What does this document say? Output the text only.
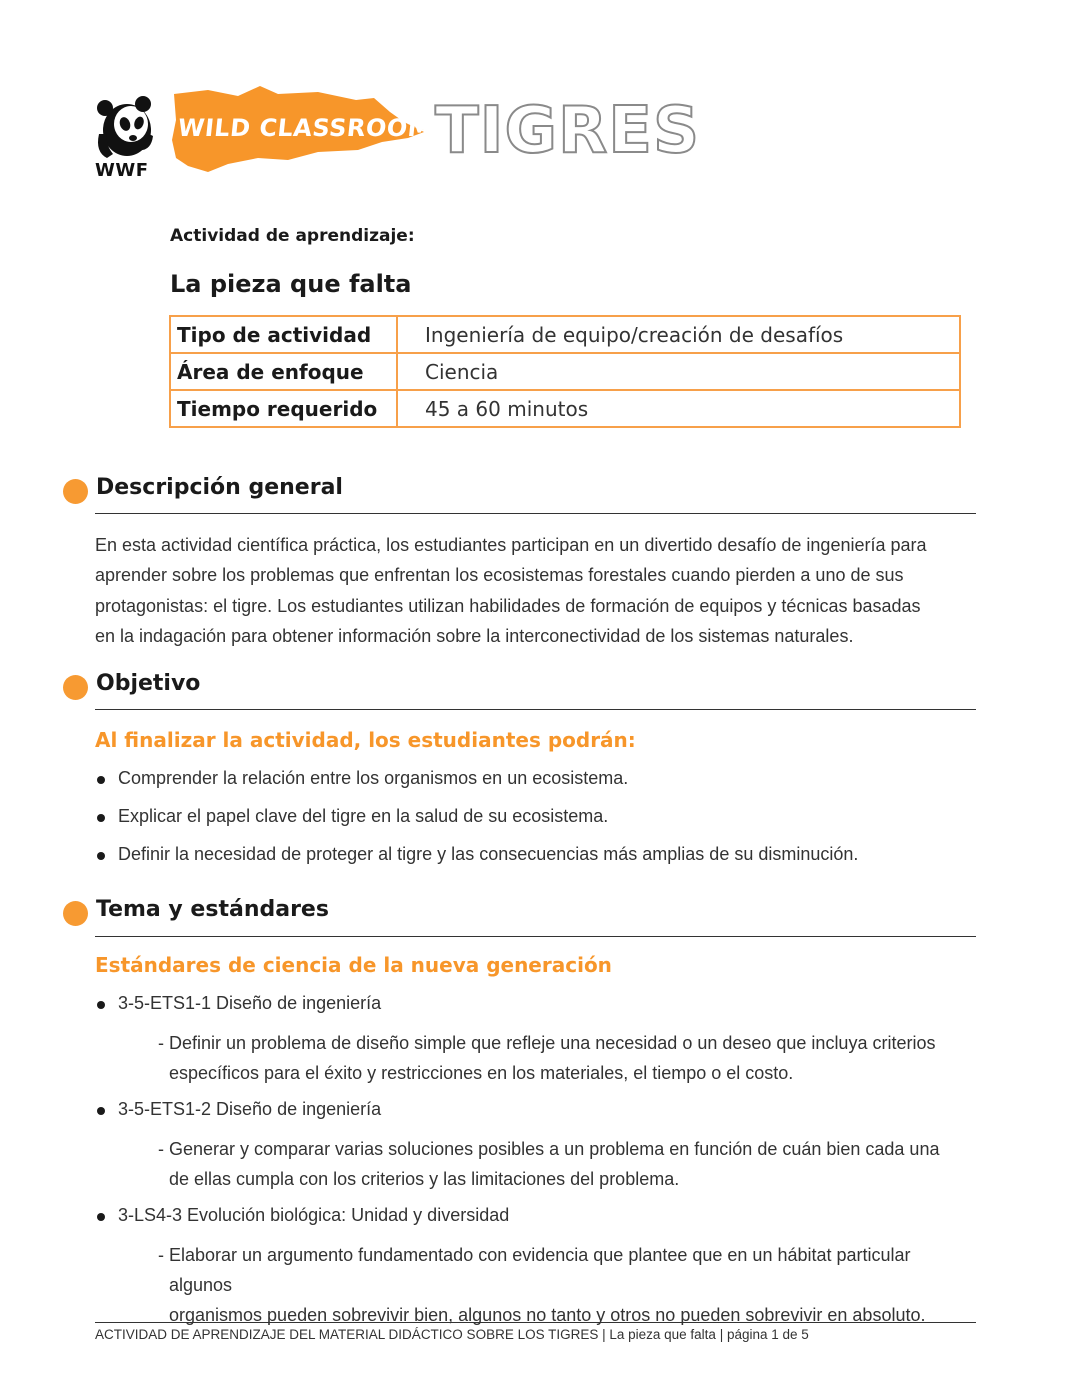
WWF
WILD CLASSROOM TIGRES
Actividad de aprendizaje:
La pieza que falta
Tipo de actividad	Ingeniería de equipo/creación de desafíos
Área de enfoque	Ciencia
Tiempo requerido	45 a 60 minutos
Descripción general
En esta actividad científica práctica, los estudiantes participan en un divertido desafío de ingeniería para
aprender sobre los problemas que enfrentan los ecosistemas forestales cuando pierden a uno de sus
protagonistas: el tigre. Los estudiantes utilizan habilidades de formación de equipos y técnicas basadas
en la indagación para obtener información sobre la interconectividad de los sistemas naturales.
Objetivo
Al finalizar la actividad, los estudiantes podrán:
Comprender la relación entre los organismos en un ecosistema.
Explicar el papel clave del tigre en la salud de su ecosistema.
Definir la necesidad de proteger al tigre y las consecuencias más amplias de su disminución.
Tema y estándares
Estándares de ciencia de la nueva generación
3-5-ETS1-1 Diseño de ingeniería
- Definir un problema de diseño simple que refleje una necesidad o un deseo que incluya criterios
específicos para el éxito y restricciones en los materiales, el tiempo o el costo.
3-5-ETS1-2 Diseño de ingeniería
- Generar y comparar varias soluciones posibles a un problema en función de cuán bien cada una
de ellas cumpla con los criterios y las limitaciones del problema.
3-LS4-3 Evolución biológica: Unidad y diversidad
- Elaborar un argumento fundamentado con evidencia que plantee que en un hábitat particular algunos
organismos pueden sobrevivir bien, algunos no tanto y otros no pueden sobrevivir en absoluto.
ACTIVIDAD DE APRENDIZAJE DEL MATERIAL DIDÁCTICO SOBRE LOS TIGRES | La pieza que falta | página 1 de 5
